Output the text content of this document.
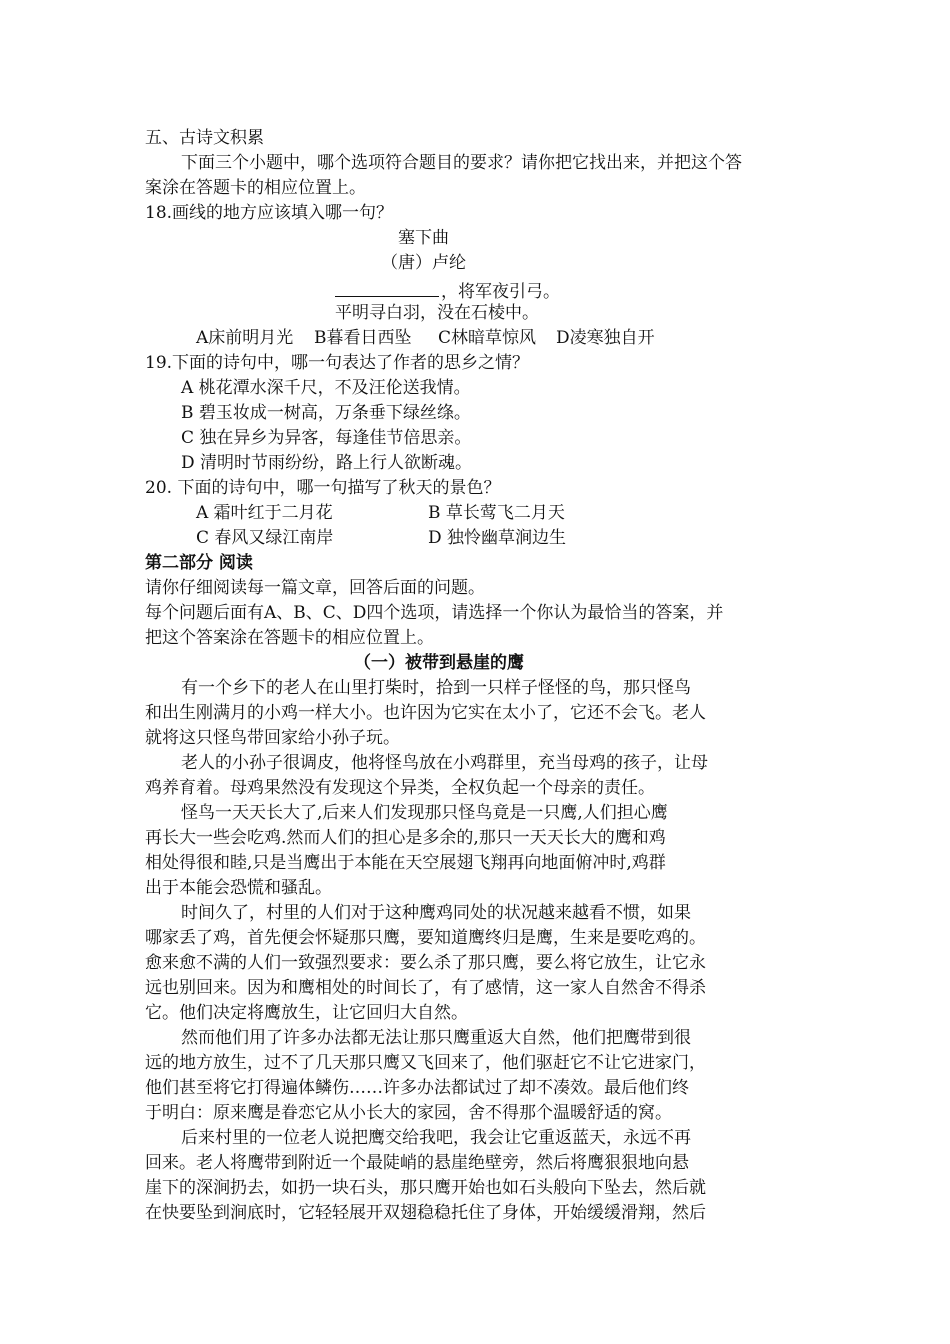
五、古诗文积累
下面三个小题中，哪个选项符合题目的要求？请你把它找出来，并把这个答
案涂在答题卡的相应位置上。
18.画线的地方应该填入哪一句？
塞下曲
（唐）卢纶
，将军夜引弓。
平明寻白羽，没在石棱中。
A床前明月光 B暮看日西坠 C林暗草惊风 D凌寒独自开
19.下面的诗句中，哪一句表达了作者的思乡之情？
A 桃花潭水深千尺，不及汪伦送我情。
B 碧玉妆成一树高，万条垂下绿丝绦。
C 独在异乡为异客，每逢佳节倍思亲。
D 清明时节雨纷纷，路上行人欲断魂。
20. 下面的诗句中，哪一句描写了秋天的景色？
A 霜叶红于二月花	B 草长莺飞二月天
C 春风又绿江南岸	D 独怜幽草涧边生
第二部分 阅读
请你仔细阅读每一篇文章，回答后面的问题。
每个问题后面有A、B、C、D四个选项，请选择一个你认为最恰当的答案，并
把这个答案涂在答题卡的相应位置上。
（一）被带到悬崖的鹰
有一个乡下的老人在山里打柴时，拾到一只样子怪怪的鸟，那只怪鸟
和出生刚满月的小鸡一样大小。也许因为它实在太小了，它还不会飞。老人
就将这只怪鸟带回家给小孙子玩。
老人的小孙子很调皮，他将怪鸟放在小鸡群里，充当母鸡的孩子，让母
鸡养育着。母鸡果然没有发现这个异类，全权负起一个母亲的责任。
怪鸟一天天长大了,后来人们发现那只怪鸟竟是一只鹰,人们担心鹰
再长大一些会吃鸡.然而人们的担心是多余的,那只一天天长大的鹰和鸡
相处得很和睦,只是当鹰出于本能在天空展翅飞翔再向地面俯冲时,鸡群
出于本能会恐慌和骚乱。
时间久了，村里的人们对于这种鹰鸡同处的状况越来越看不惯，如果
哪家丢了鸡，首先便会怀疑那只鹰，要知道鹰终归是鹰，生来是要吃鸡的。
愈来愈不满的人们一致强烈要求：要么杀了那只鹰，要么将它放生，让它永
远也别回来。因为和鹰相处的时间长了，有了感情，这一家人自然舍不得杀
它。他们决定将鹰放生，让它回归大自然。
然而他们用了许多办法都无法让那只鹰重返大自然，他们把鹰带到很
远的地方放生，过不了几天那只鹰又飞回来了，他们驱赶它不让它进家门，
他们甚至将它打得遍体鳞伤……许多办法都试过了却不凑效。最后他们终
于明白：原来鹰是眷恋它从小长大的家园，舍不得那个温暖舒适的窝。
后来村里的一位老人说把鹰交给我吧，我会让它重返蓝天，永远不再
回来。老人将鹰带到附近一个最陡峭的悬崖绝壁旁，然后将鹰狠狠地向悬
崖下的深涧扔去，如扔一块石头，那只鹰开始也如石头般向下坠去，然后就
在快要坠到涧底时，它轻轻展开双翅稳稳托住了身体，开始缓缓滑翔，然后
